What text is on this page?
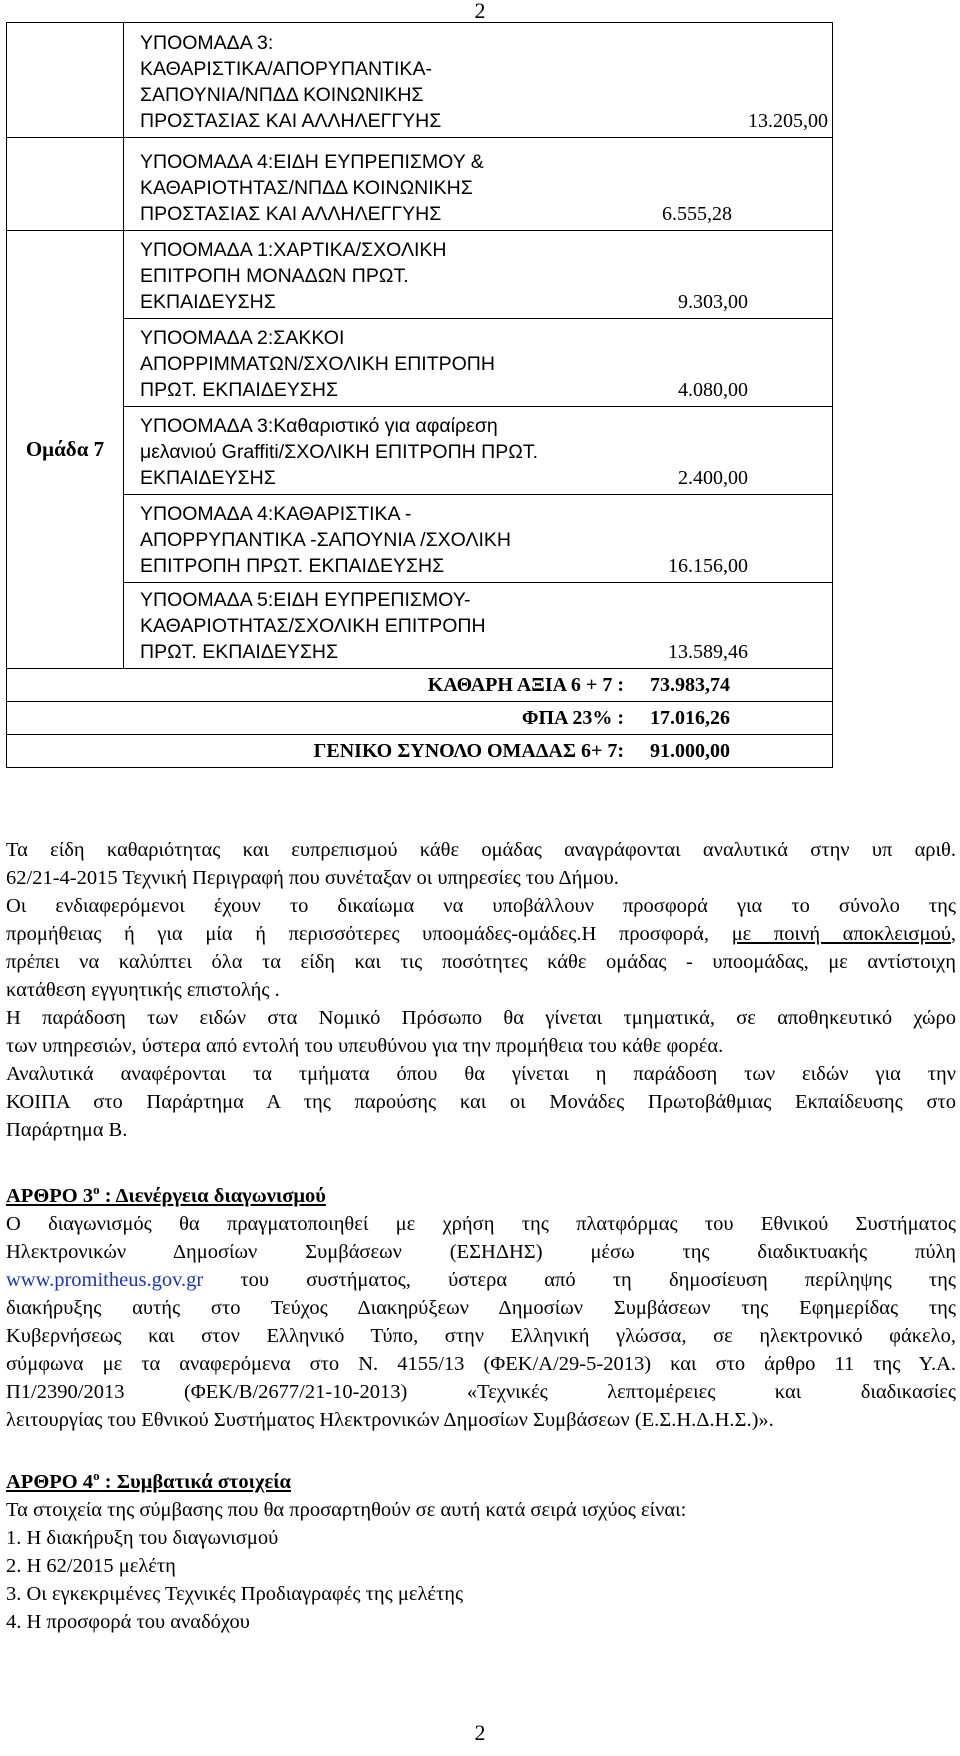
2

	ΥΠΟΟΜΑΔΑ 3:
ΚΑΘΑΡΙΣΤΙΚΑ/ΑΠΟΡΥΠΑΝΤΙΚΑ-
ΣΑΠΟΥΝΙΑ/ΝΠΔΔ ΚΟΙΝΩΝΙΚΗΣ
ΠΡΟΣΤΑΣΙΑΣ ΚΑΙ ΑΛΛΗΛΕΓΓΥΗΣ 13.205,00

	ΥΠΟΟΜΑΔΑ 4:ΕΙΔΗ ΕΥΠΡΕΠΙΣΜΟΥ &
ΚΑΘΑΡΙΟΤΗΤΑΣ/ΝΠΔΔ ΚΟΙΝΩΝΙΚΗΣ
ΠΡΟΣΤΑΣΙΑΣ ΚΑΙ ΑΛΛΗΛΕΓΓΥΗΣ 6.555,28

Ομάδα 7	ΥΠΟΟΜΑΔΑ 1:ΧΑΡΤΙΚΑ/ΣΧΟΛΙΚΗ
ΕΠΙΤΡΟΠΗ ΜΟΝΑΔΩΝ ΠΡΩΤ.
ΕΚΠΑΙΔΕΥΣΗΣ 9.303,00

	ΥΠΟΟΜΑΔΑ 2:ΣΑΚΚΟΙ
ΑΠΟΡΡΙΜΜΑΤΩΝ/ΣΧΟΛΙΚΗ ΕΠΙΤΡΟΠΗ
ΠΡΩΤ. ΕΚΠΑΙΔΕΥΣΗΣ 4.080,00

	ΥΠΟΟΜΑΔΑ 3:Καθαριστικό για αφαίρεση
μελανιού Graffiti/ΣΧΟΛΙΚΗ ΕΠΙΤΡΟΠΗ ΠΡΩΤ.
ΕΚΠΑΙΔΕΥΣΗΣ 2.400,00

	ΥΠΟΟΜΑΔΑ 4:ΚΑΘΑΡΙΣΤΙΚΑ -
ΑΠΟΡΡΥΠΑΝΤΙΚΑ -ΣΑΠΟΥΝΙΑ /ΣΧΟΛΙΚΗ
ΕΠΙΤΡΟΠΗ ΠΡΩΤ. ΕΚΠΑΙΔΕΥΣΗΣ 16.156,00

	ΥΠΟΟΜΑΔΑ 5:ΕΙΔΗ ΕΥΠΡΕΠΙΣΜΟΥ-
ΚΑΘΑΡΙΟΤΗΤΑΣ/ΣΧΟΛΙΚΗ ΕΠΙΤΡΟΠΗ
ΠΡΩΤ. ΕΚΠΑΙΔΕΥΣΗΣ 13.589,46

ΚΑΘΑΡΗ ΑΞΙΑ 6 + 7 : 73.983,74	

ΦΠΑ 23% : 17.016,26	

ΓΕΝΙΚΟ ΣΥΝΟΛΟ ΟΜΑΔΑΣ 6+ 7: 91.000,00	
Τα είδη καθαριότητας και ευπρεπισμού κάθε ομάδας αναγράφονται αναλυτικά στην υπ αριθ.
62/21-4-2015 Τεχνική Περιγραφή που συνέταξαν οι υπηρεσίες του Δήμου.
Οι ενδιαφερόμενοι έχουν το δικαίωμα να υποβάλλουν προσφορά για το σύνολο της
προμήθειας ή για μία ή περισσότερες υποομάδες-ομάδες.Η προσφορά, με ποινή αποκλεισμού,
πρέπει να καλύπτει όλα τα είδη και τις ποσότητες κάθε ομάδας - υποομάδας, με αντίστοιχη
κατάθεση εγγυητικής επιστολής .
Η παράδοση των ειδών στα Νομικό Πρόσωπο θα γίνεται τμηματικά, σε αποθηκευτικό χώρο
των υπηρεσιών, ύστερα από εντολή του υπευθύνου για την προμήθεια του κάθε φορέα.
Αναλυτικά αναφέρονται τα τμήματα όπου θα γίνεται η παράδοση των ειδών για την
ΚΟΙΠΑ στο Παράρτημα Α της παρούσης και οι Μονάδες Πρωτοβάθμιας Εκπαίδευσης στο
Παράρτημα Β.
ΑΡΘΡΟ $3^o$ : Διενέργεια διαγωνισμού
Ο διαγωνισμός θα πραγματοποιηθεί με χρήση της πλατφόρμας του Εθνικού Συστήματος
Ηλεκτρονικών Δημοσίων Συμβάσεων (ΕΣΗΔΗΣ) μέσω της διαδικτυακής πύλη
www.promitheus.gov.gr του συστήματος, ύστερα από τη δημοσίευση περίληψης της
διακήρυξης αυτής στο Τεύχος Διακηρύξεων Δημοσίων Συμβάσεων της Εφημερίδας της
Κυβερνήσεως και στον Ελληνικό Τύπο, στην Ελληνική γλώσσα, σε ηλεκτρονικό φάκελο,
σύμφωνα με τα αναφερόμενα στο Ν. 4155/13 (ΦΕΚ/Α/29-5-2013) και στο άρθρο 11 της Υ.Α.
Π1/2390/2013 (ΦΕΚ/Β/2677/21-10-2013) «Τεχνικές λεπτομέρειες και διαδικασίες
λειτουργίας του Εθνικού Συστήματος Ηλεκτρονικών Δημοσίων Συμβάσεων (Ε.Σ.Η.Δ.Η.Σ.)».
ΑΡΘΡΟ $4^o$ : Συμβατικά στοιχεία
Τα στοιχεία της σύμβασης που θα προσαρτηθούν σε αυτή κατά σειρά ισχύος είναι:
1. Η διακήρυξη του διαγωνισμού
2. Η 62/2015 μελέτη
3. Οι εγκεκριμένες Τεχνικές Προδιαγραφές της μελέτης
4. Η προσφορά του αναδόχου
2
